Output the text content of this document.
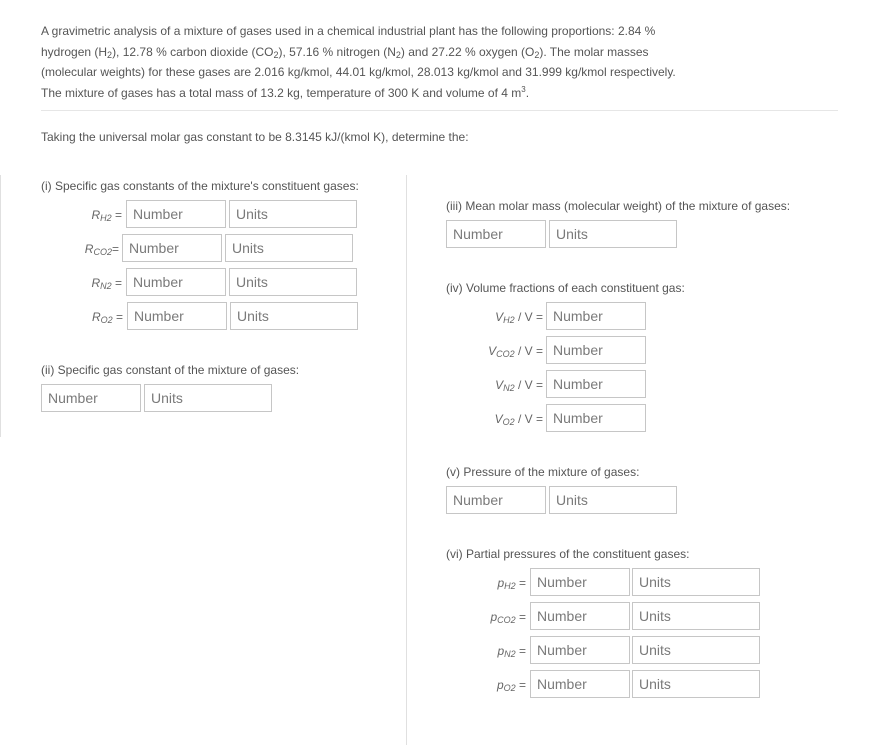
A gravimetric analysis of a mixture of gases used in a chemical industrial plant has the following proportions: 2.84 % hydrogen $(H_2)$, 12.78 % carbon dioxide $(CO_2)$, 57.16 % nitrogen $(N_2)$ and 27.22 % oxygen $(O_2)$. The molar masses (molecular weights) for these gases are 2.016 kg/kmol, 44.01 kg/kmol, 28.013 kg/kmol and 31.999 kg/kmol respectively. The mixture of gases has a total mass of 13.2 kg, temperature of 300 K and volume of 4 $m^3$.
Taking the universal molar gas constant to be 8.3145 kJ/(kmol K), determine the:
(i) Specific gas constants of the mixture's constituent gases:
$R_{H2}$ = Number	Units
$R_{CO2}=$ Number	Units
$R_{N2}$ = Number	Units
$R_{O2}$ = Number	Units
(ii) Specific gas constant of the mixture of gases:
Number	Units
(iii) Mean molar mass (molecular weight) of the mixture of gases:
Number	Units
(iv) Volume fractions of each constituent gas:
$V_{H2}$ / V = Number
$V_{CO2}$ / V = Number
$V_{N2}$ / V = Number
$V_{O2}$ / V = Number
(v) Pressure of the mixture of gases:
Number	Units
(vi) Partial pressures of the constituent gases:
$p_{H2}$ = Number	Units
$p_{CO2}$ = Number	Units
$p_{N2}$ = Number	Units
$p_{O2}$ = Number	Units
